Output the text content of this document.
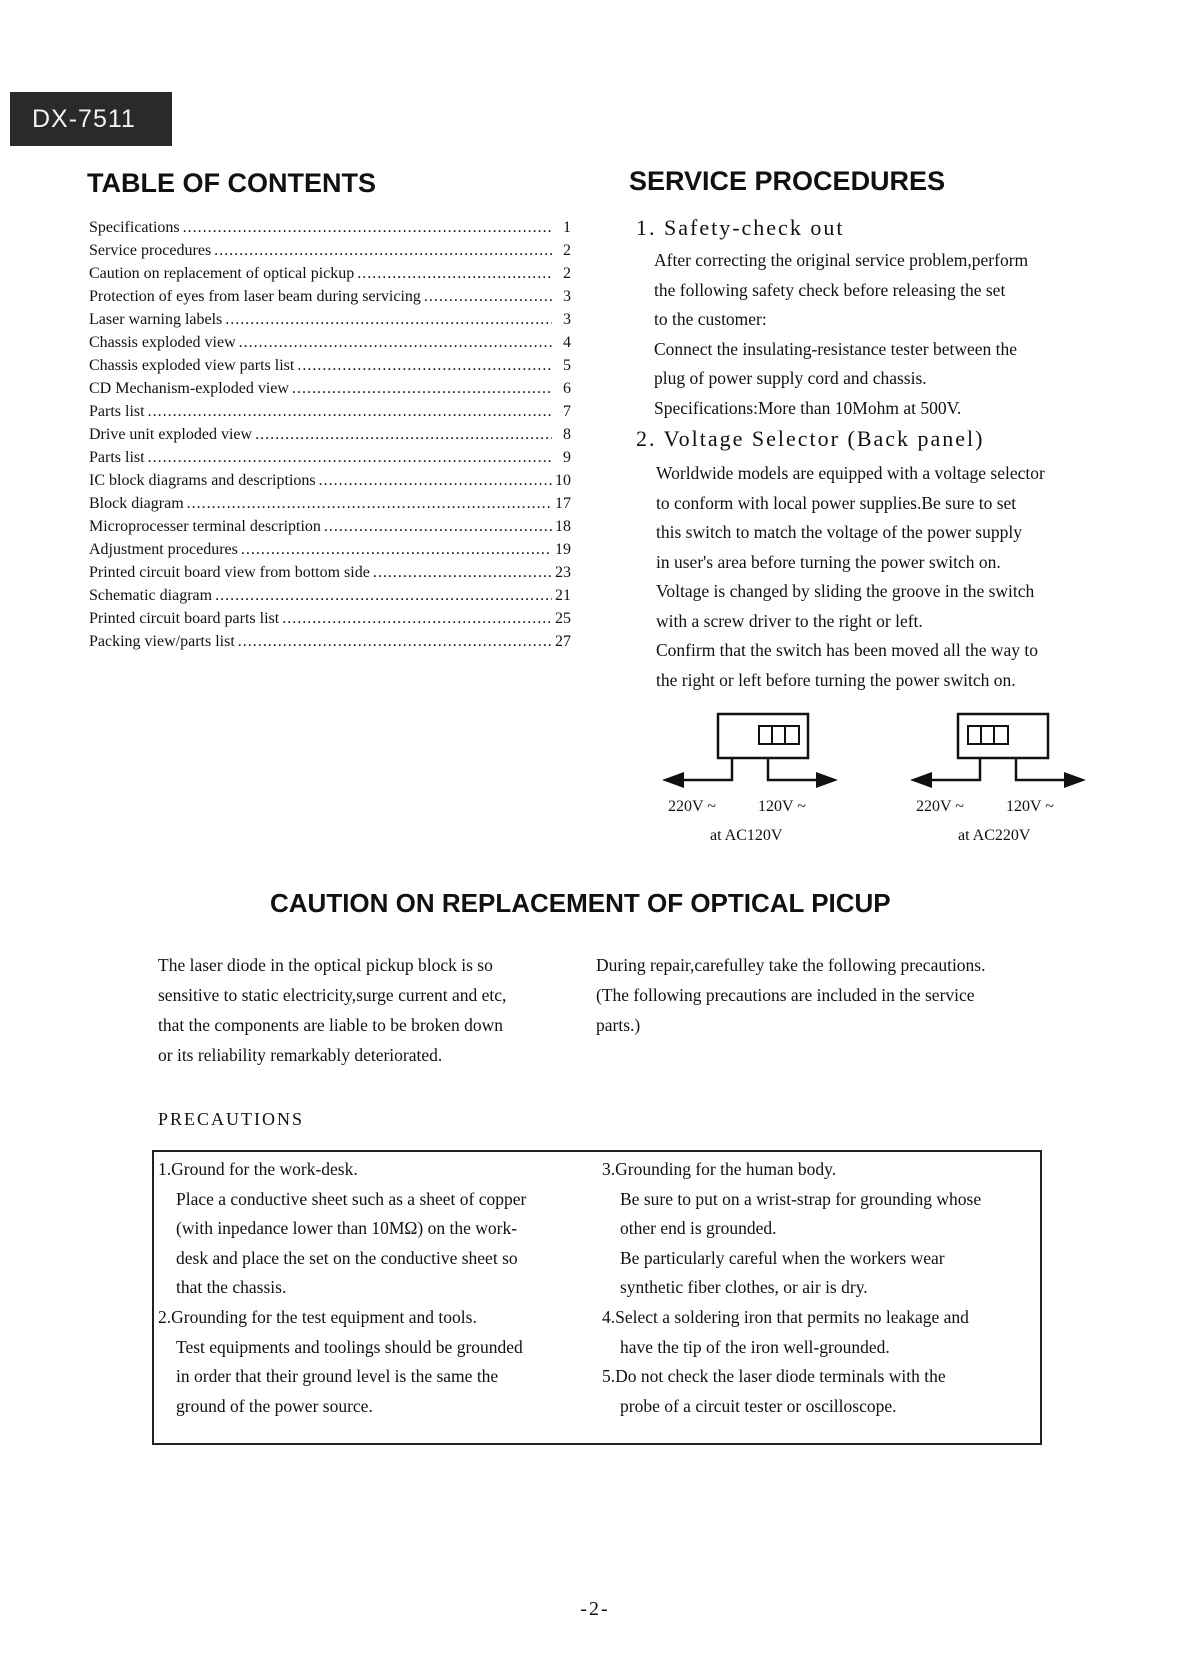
DX-7511
TABLE OF CONTENTS
Specifications .....	1
Service procedures .....	2
Caution on replacement of optical pickup .....	2
Protection of eyes from laser beam during servicing .....	3
Laser warning labels .....	3
Chassis exploded view .....	4
Chassis exploded view parts list .....	5
CD Mechanism-exploded view .....	6
Parts list .....	7
Drive unit exploded view .....	8
Parts list .....	9
IC block diagrams and descriptions .....	10
Block diagram .....	17
Microprocesser terminal description .....	18
Adjustment procedures .....	19
Printed circuit board view from bottom side .....	23
Schematic diagram .....	21
Printed circuit board parts list .....	25
Packing view/parts list .....	27
SERVICE PROCEDURES
1. Safety-check out

After correcting the original service problem,perform

the following safety check before releasing the set

to the customer:

Connect the insulating-resistance tester between the

plug of power supply cord and chassis.

Specifications:More than 10Mohm at 500V.

2. Voltage Selector (Back panel)

Worldwide models are equipped with a voltage selector

to conform with local power supplies.Be sure to set

this switch to match the voltage of the power supply

in user's area before turning the power switch on.

Voltage is changed by sliding the groove in the switch

with a screw driver to the right or left.

Confirm that the switch has been moved all the way to

the right or left before turning the power switch on.

220V ~	120V ~
at AC120V
220V ~	120V ~
at AC220V
CAUTION ON REPLACEMENT OF OPTICAL PICUP

The laser diode in the optical pickup block is so

sensitive to static electricity,surge current and etc,

that the components are liable to be broken down

or its reliability remarkably deteriorated.

During repair,carefulley take the following precautions.

(The following precautions are included in the service

parts.)

PRECAUTIONS

1.Ground for the work-desk.

Place a conductive sheet such as a sheet of copper

(with inpedance lower than 10MΩ) on the work-

desk and place the set on the conductive sheet so

that the chassis.

2.Grounding for the test equipment and tools.

Test equipments and toolings should be grounded

in order that their ground level is the same the

ground of the power source.

3.Grounding for the human body.

Be sure to put on a wrist-strap for grounding whose

other end is grounded.

Be particularly careful when the workers wear

synthetic fiber clothes, or air is dry.

4.Select a soldering iron that permits no leakage and

have the tip of the iron well-grounded.

5.Do not check the laser diode terminals with the

probe of a circuit tester or oscilloscope.

-2-
